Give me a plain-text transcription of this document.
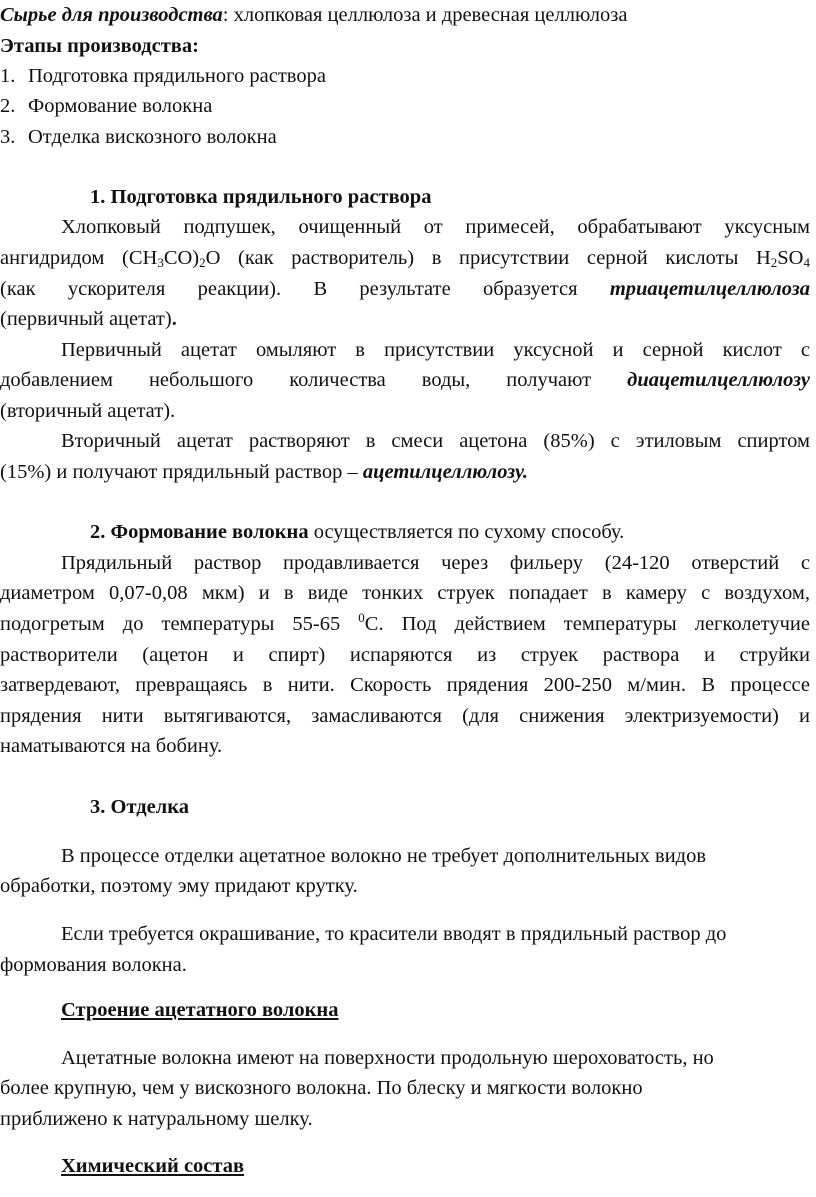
Сырье для производства: хлопковая целлюлоза и древесная целлюлоза
Этапы производства:
1. Подготовка прядильного раствора
2. Формование волокна
3. Отделка вискозного волокна
1. Подготовка прядильного раствора
Хлопковый подпушек, очищенный от примесей, обрабатывают уксусным
ангидридом $(CH_3CO)_2O$ (как растворитель) в присутствии серной кислоты $H_2SO_4$
(как ускорителя реакции). В результате образуется триацетилцеллюлоза
(первичный ацетат).
Первичный ацетат омыляют в присутствии уксусной и серной кислот с
добавлением небольшого количества воды, получают диацетилцеллюлозу
(вторичный ацетат).
Вторичный ацетат растворяют в смеси ацетона (85%) с этиловым спиртом
(15%) и получают прядильный раствор – ацетилцеллюлозу.
2. Формование волокна осуществляется по сухому способу.
Прядильный раствор продавливается через фильеру (24-120 отверстий с
диаметром 0,07-0,08 мкм) и в виде тонких струек попадает в камеру с воздухом,
подогретым до температуры 55-65 $^0$С. Под действием температуры легколетучие
растворители (ацетон и спирт) испаряются из струек раствора и струйки
затвердевают, превращаясь в нити. Скорость прядения 200-250 м/мин. В процессе
прядения нити вытягиваются, замасливаются (для снижения электризуемости) и
наматываются на бобину.
3. Отделка
В процессе отделки ацетатное волокно не требует дополнительных видов
обработки, поэтому эму придают крутку.
Если требуется окрашивание, то красители вводят в прядильный раствор до
формования волокна.
Строение ацетатного волокна
Ацетатные волокна имеют на поверхности продольную шероховатость, но
более крупную, чем у вискозного волокна. По блеску и мягкости волокно
приближено к натуральному шелку.
Химический состав
